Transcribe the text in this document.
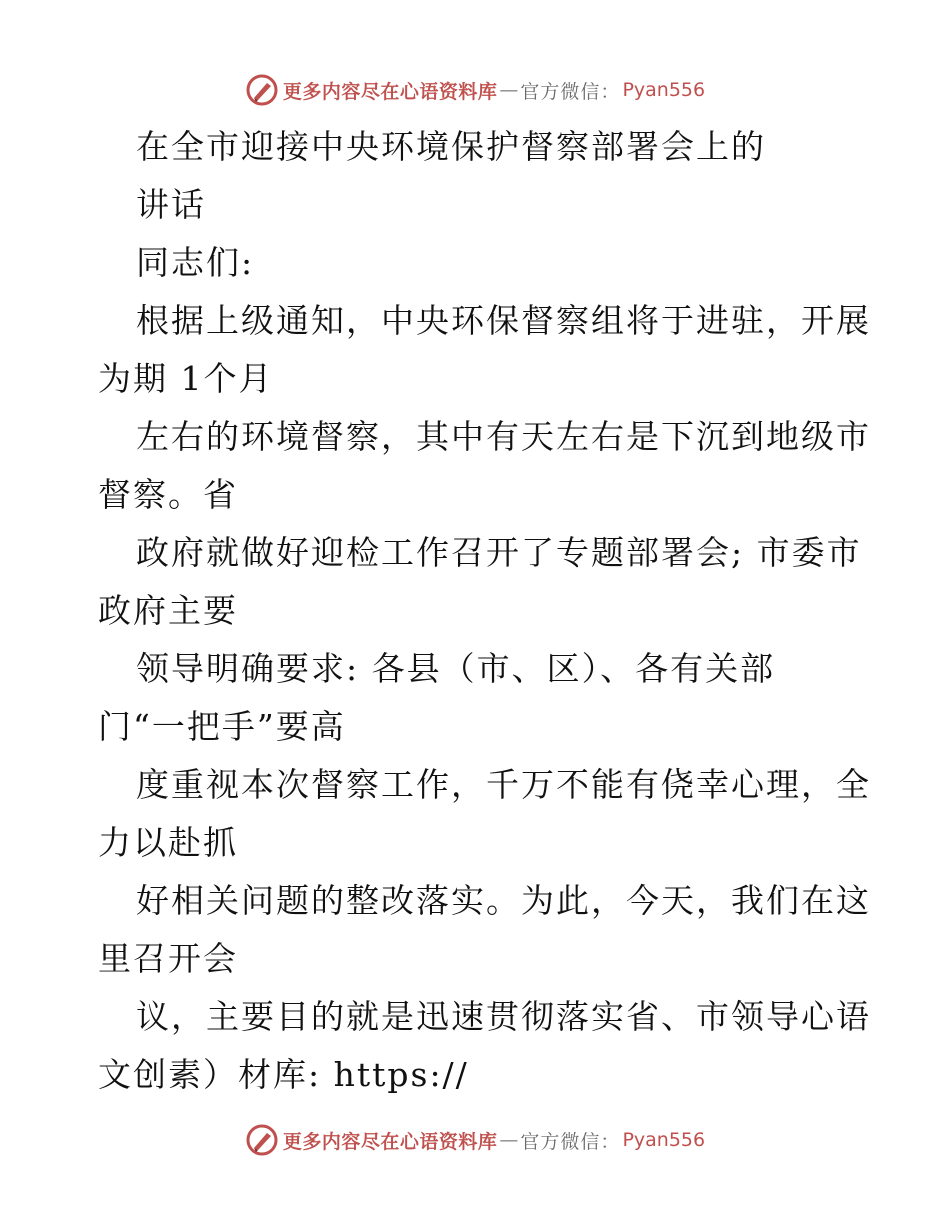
更多内容尽在心语资料库 — 官方微信： Pyan556
在全市迎接中央环境保护督察部署会上的
讲话
同志们:
根据上级通知，中央环保督察组将于进驻，开展
为期 1个月
左右的环境督察，其中有天左右是下沉到地级市
督察。省
政府就做好迎检工作召开了专题部署会; 市委市
政府主要
领导明确要求: 各县（市、区）、各有关部
门“一把手”要高
度重视本次督察工作，千万不能有侥幸心理，全
力以赴抓
好相关问题的整改落实。为此，今天，我们在这
里召开会
议，主要目的就是迅速贯彻落实省、市领导心语
文创素）材库: https://
更多内容尽在心语资料库 — 官方微信： Pyan556
